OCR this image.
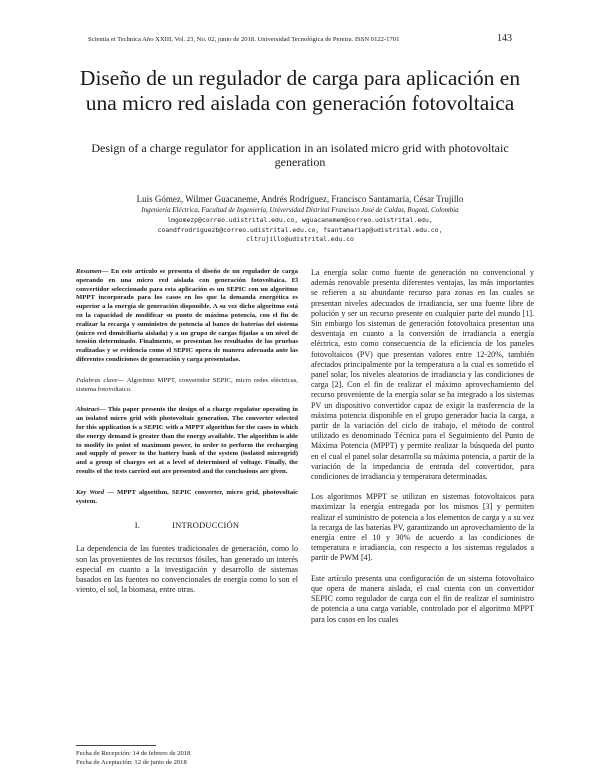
Scientia et Technica Año XXIII, Vol. 23, No. 02, junio de 2018. Universidad Tecnológica de Pereira. ISSN 0122-1701	143
Diseño de un regulador de carga para aplicación en una micro red aislada con generación fotovoltaica
Design of a charge regulator for application in an isolated micro grid with photovoltaic generation
Luis Gómez, Wilmer Guacaneme, Andrés Rodríguez, Francisco Santamaría, César Trujillo
Ingeniería Eléctrica, Facultad de Ingeniería, Universidad Distrital Francisco José de Caldas, Bogotá, Colombia
lmgomezp@correo.udistrital.edu.co, wguacanemem@correo.udistrital.edu,
coandfrodriguezb@correo.udistrital.edu.co, fsantamariap@udistrital.edu.co,
cltrujillo@udistrital.edu.co

Resumen— En este artículo se presenta el diseño de un regulador de carga operando en una micro red aislada con generación fotovoltaica. El convertidor seleccionado para esta aplicación es un SEPIC con un algoritmo MPPT incorporado para los casos en los que la demanda energética es superior a la energía de generación disponible. A su vez dicho algoritmo está en la capacidad de modificar su punto de máxima potencia, con el fin de realizar la recarga y suministro de potencia al banco de baterías del sistema (micro red domiciliaria aislada) y a un grupo de cargas fijadas a un nivel de tensión determinado. Finalmente, se presentan los resultados de las pruebas realizadas y se evidencia como el SEPIC opera de manera adecuada ante las diferentes condiciones de generación y carga presentadas.

Palabras clave— Algoritmo MPPT, convertidor SEPIC, micro redes eléctricas, sistema fotovoltaico.

Abstract— This paper presents the design of a charge regulator operating in an isolated micro grid with photovoltaic generation. The converter selected for this application is a SEPIC with a MPPT algorithm for the cases in which the energy demand is greater than the energy available. The algorithm is able to modify its point of maximum power, in order to perform the recharging and supply of power to the battery bank of the system (isolated microgrid) and a group of charges set at a level of determined of voltage. Finally, the results of the tests carried out are presented and the conclusions are given.

Key Word — MPPT algorithm, SEPIC converter, micro grid, photovoltaic system.

I.	INTRODUCCIÓN

La dependencia de las fuentes tradicionales de generación, como lo son las provenientes de los recursos fósiles, han generado un interés especial en cuanto a la investigación y desarrollo de sistemas basados en las fuentes no convencionales de energía como lo son el viento, el sol, la biomasa, entre otras.

La energía solar como fuente de generación no convencional y además renovable presenta diferentes ventajas, las más importantes se refieren a su abundante recurso para zonas en las cuales se presentan niveles adecuados de irradiancia, ser una fuente libre de polución y ser un recurso presente en cualquier parte del mundo [1]. Sin embargo los sistemas de generación fotovoltaica presentan una desventaja en cuanto a la conversión de irradiancia a energía eléctrica, esto como consecuencia de la eficiencia de los paneles fotovoltaicos (PV) que presentan valores entre 12-20%, también afectados principalmente por la temperatura a la cual es sometido el panel solar, los niveles aleatorios de irradiancia y las condiciones de carga [2]. Con el fin de realizar el máximo aprovechamiento del recurso proveniente de la energía solar se ha integrado a los sistemas PV un dispositivo convertidor capaz de exigir la trasferencia de la máxima potencia disponible en el grupo generador hacia la carga, a partir de la variación del ciclo de trabajo, el método de control utilizado es denominado Técnica para el Seguimiento del Punto de Máxima Potencia (MPPT) y permite realizar la búsqueda del punto en el cual el panel solar desarrolla su máxima potencia, a partir de la variación de la impedancia de entrada del convertidor, para condiciones de irradiancia y temperatura determinadas.

Los algoritmos MPPT se utilizan en sistemas fotovoltaicos para maximizar la energía entregada por los mismos [3] y permiten realizar el suministro de potencia a los elementos de carga y a su vez la recarga de las baterías PV, garantizando un aprovechamiento de la energía entre el 10 y 30% de acuerdo a las condiciones de temperatura e irradiancia, con respecto a los sistemas regulados a partir de PWM [4].

Este artículo presenta una configuración de un sistema fotovoltaico que opera de manera aislada, el cual cuenta con un convertidor SEPIC como regulador de carga con el fin de realizar el suministro de potencia a una carga variable, controlado por el algoritmo MPPT para los casos en los cuales

Fecha de Recepción: 14 de febrero de 2018
Fecha de Aceptación: 12 de junio de 2018
